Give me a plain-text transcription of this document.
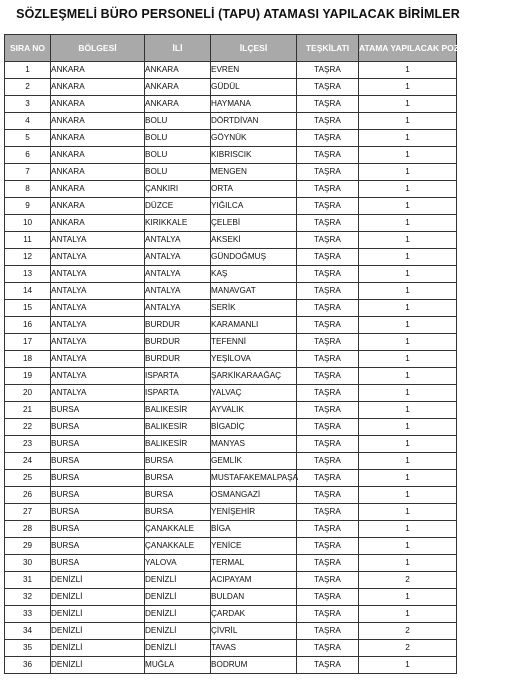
SÖZLEŞMELİ BÜRO PERSONELİ (TAPU) ATAMASI YAPILACAK BİRİMLER
SIRA NO	BÖLGESİ	İLİ	İLÇESİ	TEŞKİLATI	ATAMA YAPILACAK POZİSYON SAYISI
1	ANKARA	ANKARA	EVREN	TAŞRA	1
2	ANKARA	ANKARA	GÜDÜL	TAŞRA	1
3	ANKARA	ANKARA	HAYMANA	TAŞRA	1
4	ANKARA	BOLU	DÖRTDİVAN	TAŞRA	1
5	ANKARA	BOLU	GÖYNÜK	TAŞRA	1
6	ANKARA	BOLU	KIBRISCIK	TAŞRA	1
7	ANKARA	BOLU	MENGEN	TAŞRA	1
8	ANKARA	ÇANKIRI	ORTA	TAŞRA	1
9	ANKARA	DÜZCE	YIĞILCA	TAŞRA	1
10	ANKARA	KIRIKKALE	ÇELEBİ	TAŞRA	1
11	ANTALYA	ANTALYA	AKSEKİ	TAŞRA	1
12	ANTALYA	ANTALYA	GÜNDOĞMUŞ	TAŞRA	1
13	ANTALYA	ANTALYA	KAŞ	TAŞRA	1
14	ANTALYA	ANTALYA	MANAVGAT	TAŞRA	1
15	ANTALYA	ANTALYA	SERİK	TAŞRA	1
16	ANTALYA	BURDUR	KARAMANLI	TAŞRA	1
17	ANTALYA	BURDUR	TEFENNİ	TAŞRA	1
18	ANTALYA	BURDUR	YEŞİLOVA	TAŞRA	1
19	ANTALYA	ISPARTA	ŞARKİKARAAĞAÇ	TAŞRA	1
20	ANTALYA	ISPARTA	YALVAÇ	TAŞRA	1
21	BURSA	BALIKESİR	AYVALIK	TAŞRA	1
22	BURSA	BALIKESİR	BİGADİÇ	TAŞRA	1
23	BURSA	BALIKESİR	MANYAS	TAŞRA	1
24	BURSA	BURSA	GEMLİK	TAŞRA	1
25	BURSA	BURSA	MUSTAFAKEMALPAŞA	TAŞRA	1
26	BURSA	BURSA	OSMANGAZİ	TAŞRA	1
27	BURSA	BURSA	YENİŞEHİR	TAŞRA	1
28	BURSA	ÇANAKKALE	BİGA	TAŞRA	1
29	BURSA	ÇANAKKALE	YENİCE	TAŞRA	1
30	BURSA	YALOVA	TERMAL	TAŞRA	1
31	DENİZLİ	DENİZLİ	ACIPAYAM	TAŞRA	2
32	DENİZLİ	DENİZLİ	BULDAN	TAŞRA	1
33	DENİZLİ	DENİZLİ	ÇARDAK	TAŞRA	1
34	DENİZLİ	DENİZLİ	ÇİVRİL	TAŞRA	2
35	DENİZLİ	DENİZLİ	TAVAS	TAŞRA	2
36	DENİZLİ	MUĞLA	BODRUM	TAŞRA	1
